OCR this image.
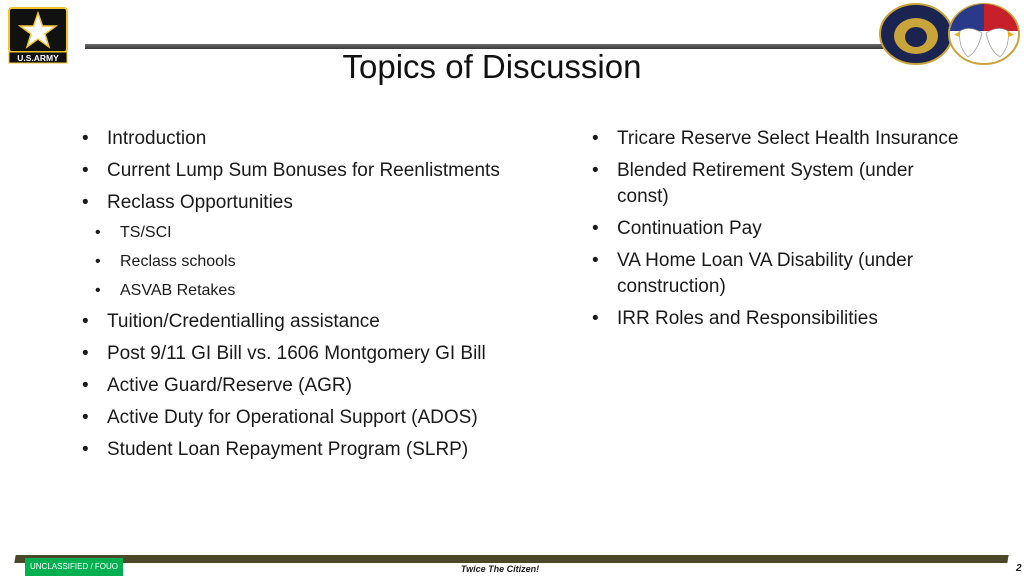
U.S.ARMY	Topics of Discussion
• Introduction
• Current Lump Sum Bonuses for Reenlistments
• Reclass Opportunities
• TS/SCI
• Reclass schools
• ASVAB Retakes
• Tuition/Credentialling assistance
• Post 9/11 GI Bill vs. 1606 Montgomery GI Bill
• Active Guard/Reserve (AGR)
• Active Duty for Operational Support (ADOS)
• Student Loan Repayment Program (SLRP)
• Tricare Reserve Select Health Insurance
• Blended Retirement System (under const)
• Continuation Pay
• VA Home Loan VA Disability (under construction)
• IRR Roles and Responsibilities
UNCLASSIFIED / FOUO	Twice The Citizen!	2
